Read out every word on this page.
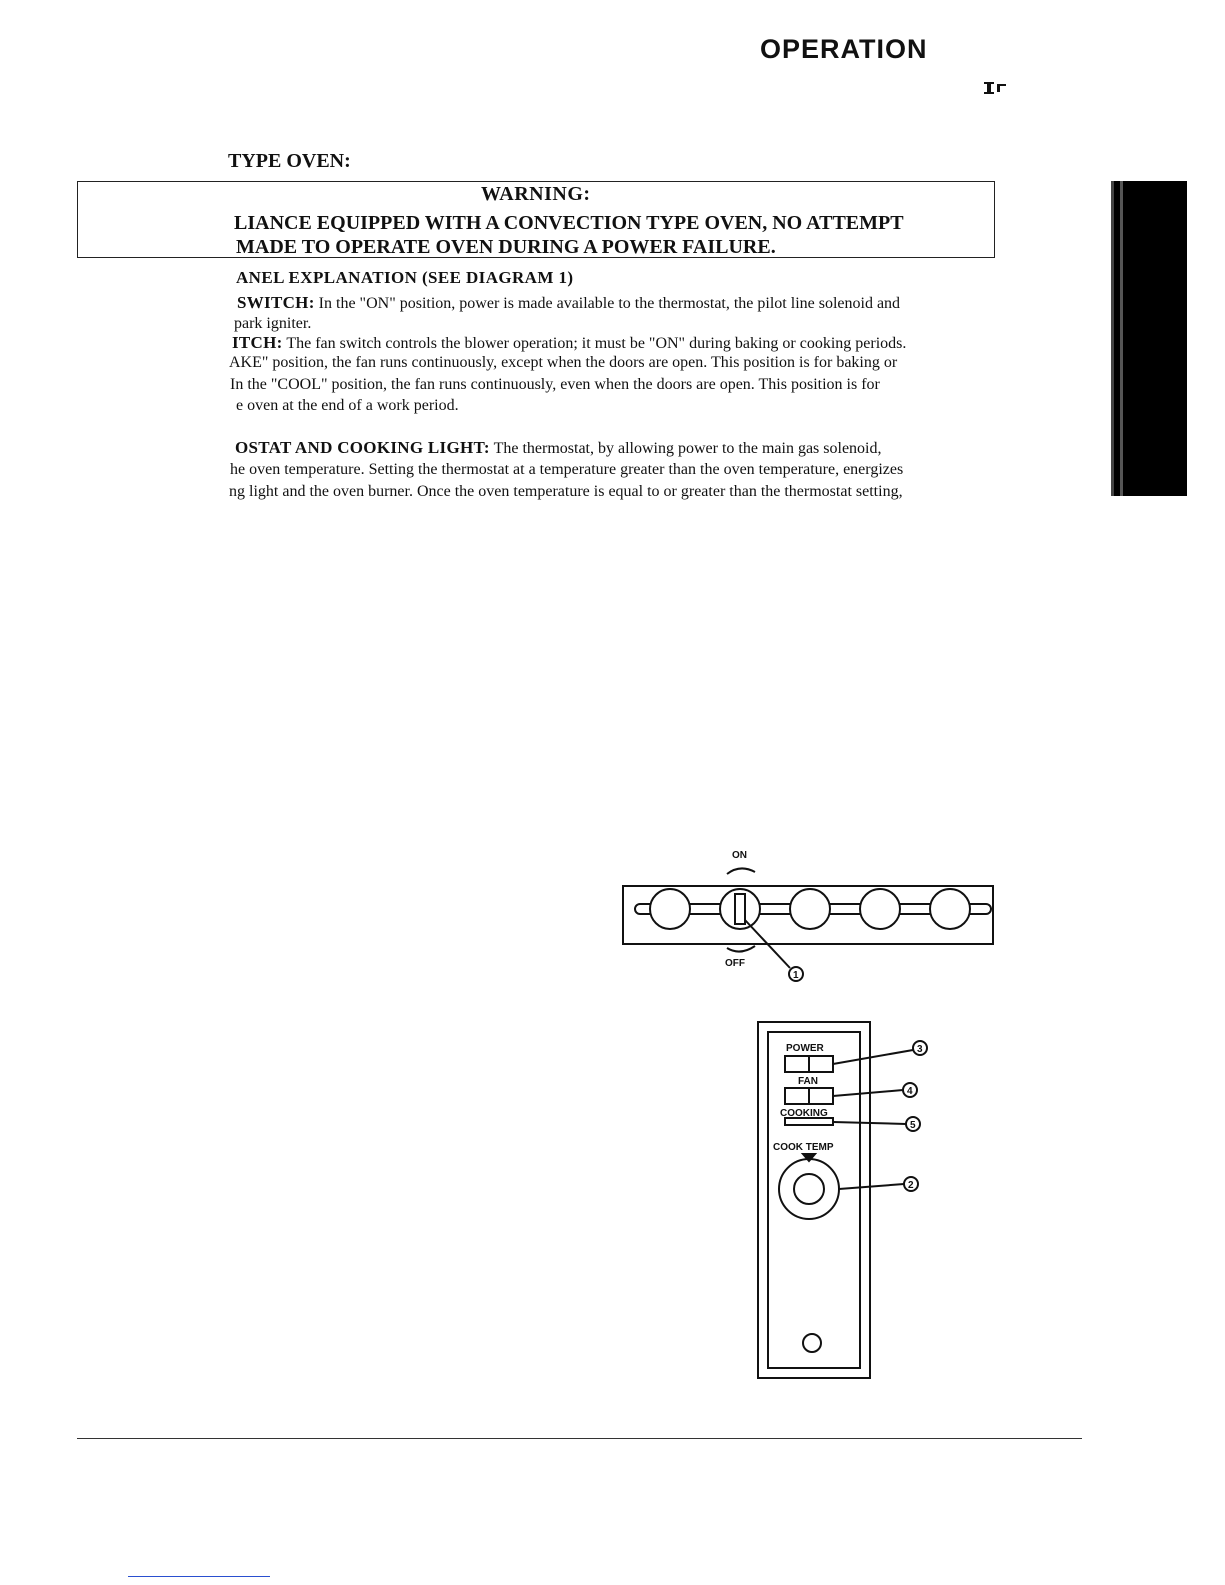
OPERATION
TYPE OVEN:
WARNING:
LIANCE EQUIPPED WITH A CONVECTION TYPE OVEN, NO ATTEMPT
MADE TO OPERATE OVEN DURING A POWER FAILURE.
ANEL EXPLANATION (SEE DIAGRAM 1)
SWITCH: In the "ON" position, power is made available to the thermostat, the pilot line solenoid and
park igniter.
ITCH: The fan switch controls the blower operation; it must be "ON" during baking or cooking periods.
AKE" position, the fan runs continuously, except when the doors are open. This position is for baking or
In the "COOL" position, the fan runs continuously, even when the doors are open. This position is for
e oven at the end of a work period.
OSTAT AND COOKING LIGHT: The thermostat, by allowing power to the main gas solenoid,
he oven temperature. Setting the thermostat at a temperature greater than the oven temperature, energizes
ng light and the oven burner. Once the oven temperature is equal to or greater than the thermostat setting,
ON
OFF
1
POWER
FAN
COOKING
COOK TEMP
3
4
5
2
